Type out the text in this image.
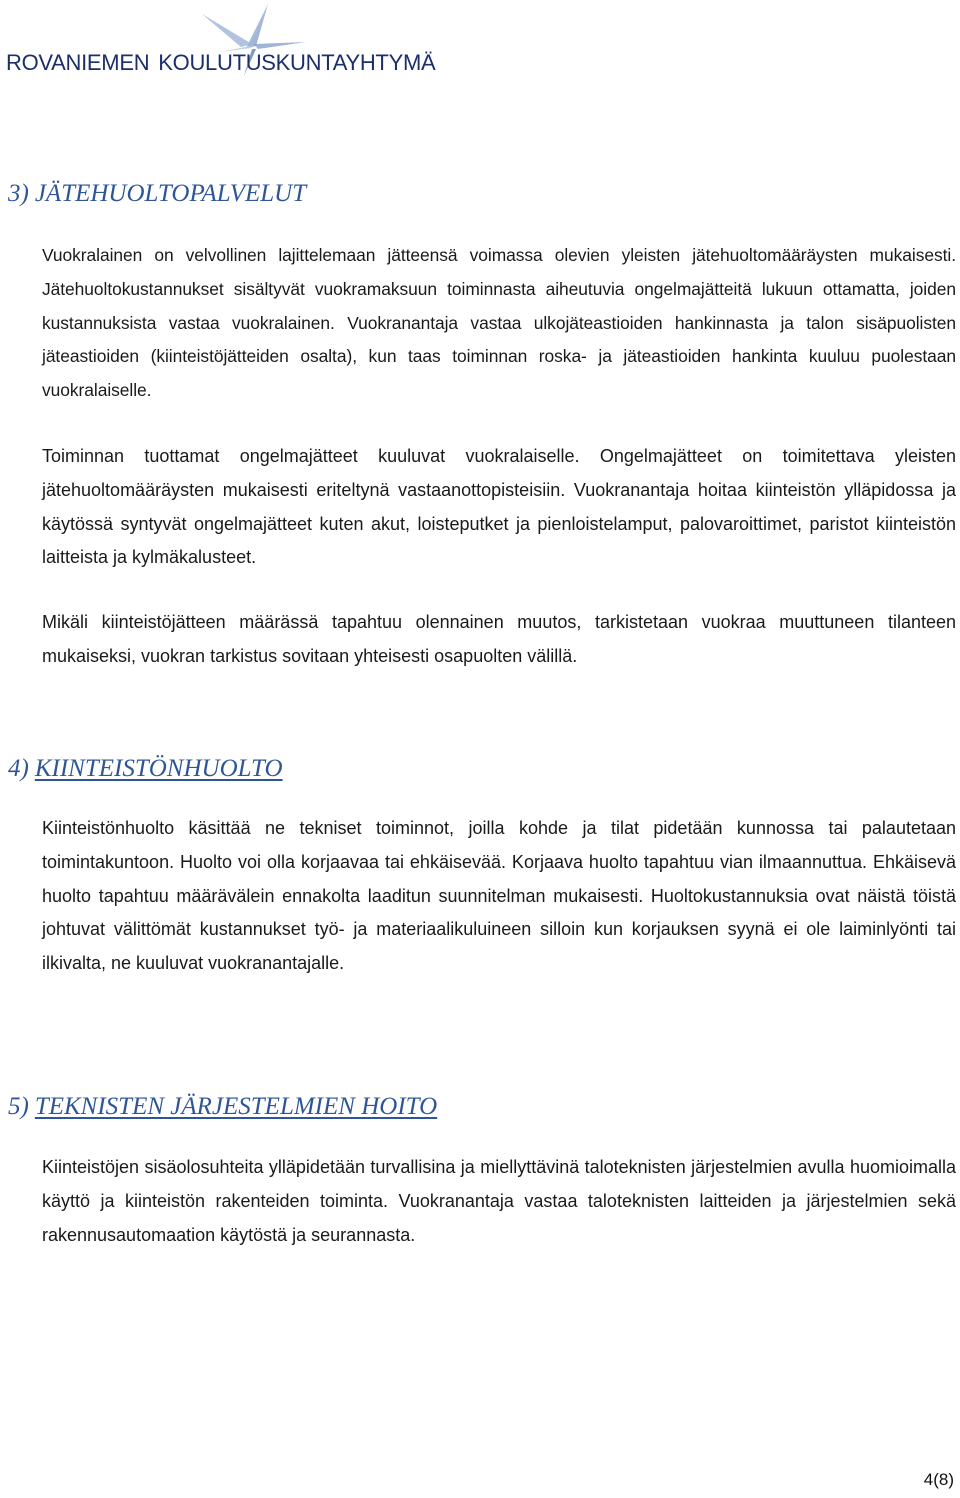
ROVANIEMEN KOULUTUSKUNTAYHTYMÄ
3) JÄTEHUOLTOPALVELUT

Vuokralainen on velvollinen lajittelemaan jätteensä voimassa olevien yleisten jätehuoltomääräysten mukaisesti. Jätehuoltokustannukset sisältyvät vuokramaksuun toiminnasta aiheutuvia ongelmajätteitä lukuun ottamatta, joiden kustannuksista vastaa vuokralainen. Vuokranantaja vastaa ulkojäteastioiden hankinnasta ja talon sisäpuolisten jäteastioiden (kiinteistöjätteiden osalta), kun taas toiminnan roska- ja jäteastioiden hankinta kuuluu puolestaan vuokralaiselle.

Toiminnan tuottamat ongelmajätteet kuuluvat vuokralaiselle. Ongelmajätteet on toimitettava yleisten jätehuoltomääräysten mukaisesti eriteltynä vastaanottopisteisiin. Vuokranantaja hoitaa kiinteistön ylläpidossa ja käytössä syntyvät ongelmajätteet kuten akut, loisteputket ja pienloistelamput, palovaroittimet, paristot kiinteistön laitteista ja kylmäkalusteet.

Mikäli kiinteistöjätteen määrässä tapahtuu olennainen muutos, tarkistetaan vuokraa muuttuneen tilanteen mukaiseksi, vuokran tarkistus sovitaan yhteisesti osapuolten välillä.

4) KIINTEISTÖNHUOLTO

Kiinteistönhuolto käsittää ne tekniset toiminnot, joilla kohde ja tilat pidetään kunnossa tai palautetaan toimintakuntoon. Huolto voi olla korjaavaa tai ehkäisevää. Korjaava huolto tapahtuu vian ilmaannuttua. Ehkäisevä huolto tapahtuu määrävälein ennakolta laaditun suunnitelman mukaisesti. Huoltokustannuksia ovat näistä töistä johtuvat välittömät kustannukset työ- ja materiaalikuluineen silloin kun korjauksen syynä ei ole laiminlyönti tai ilkivalta, ne kuuluvat vuokranantajalle.

5) TEKNISTEN JÄRJESTELMIEN HOITO

Kiinteistöjen sisäolosuhteita ylläpidetään turvallisina ja miellyttävinä taloteknisten järjestelmien avulla huomioimalla käyttö ja kiinteistön rakenteiden toiminta. Vuokranantaja vastaa taloteknisten laitteiden ja järjestelmien sekä rakennusautomaation käytöstä ja seurannasta.

4(8)
